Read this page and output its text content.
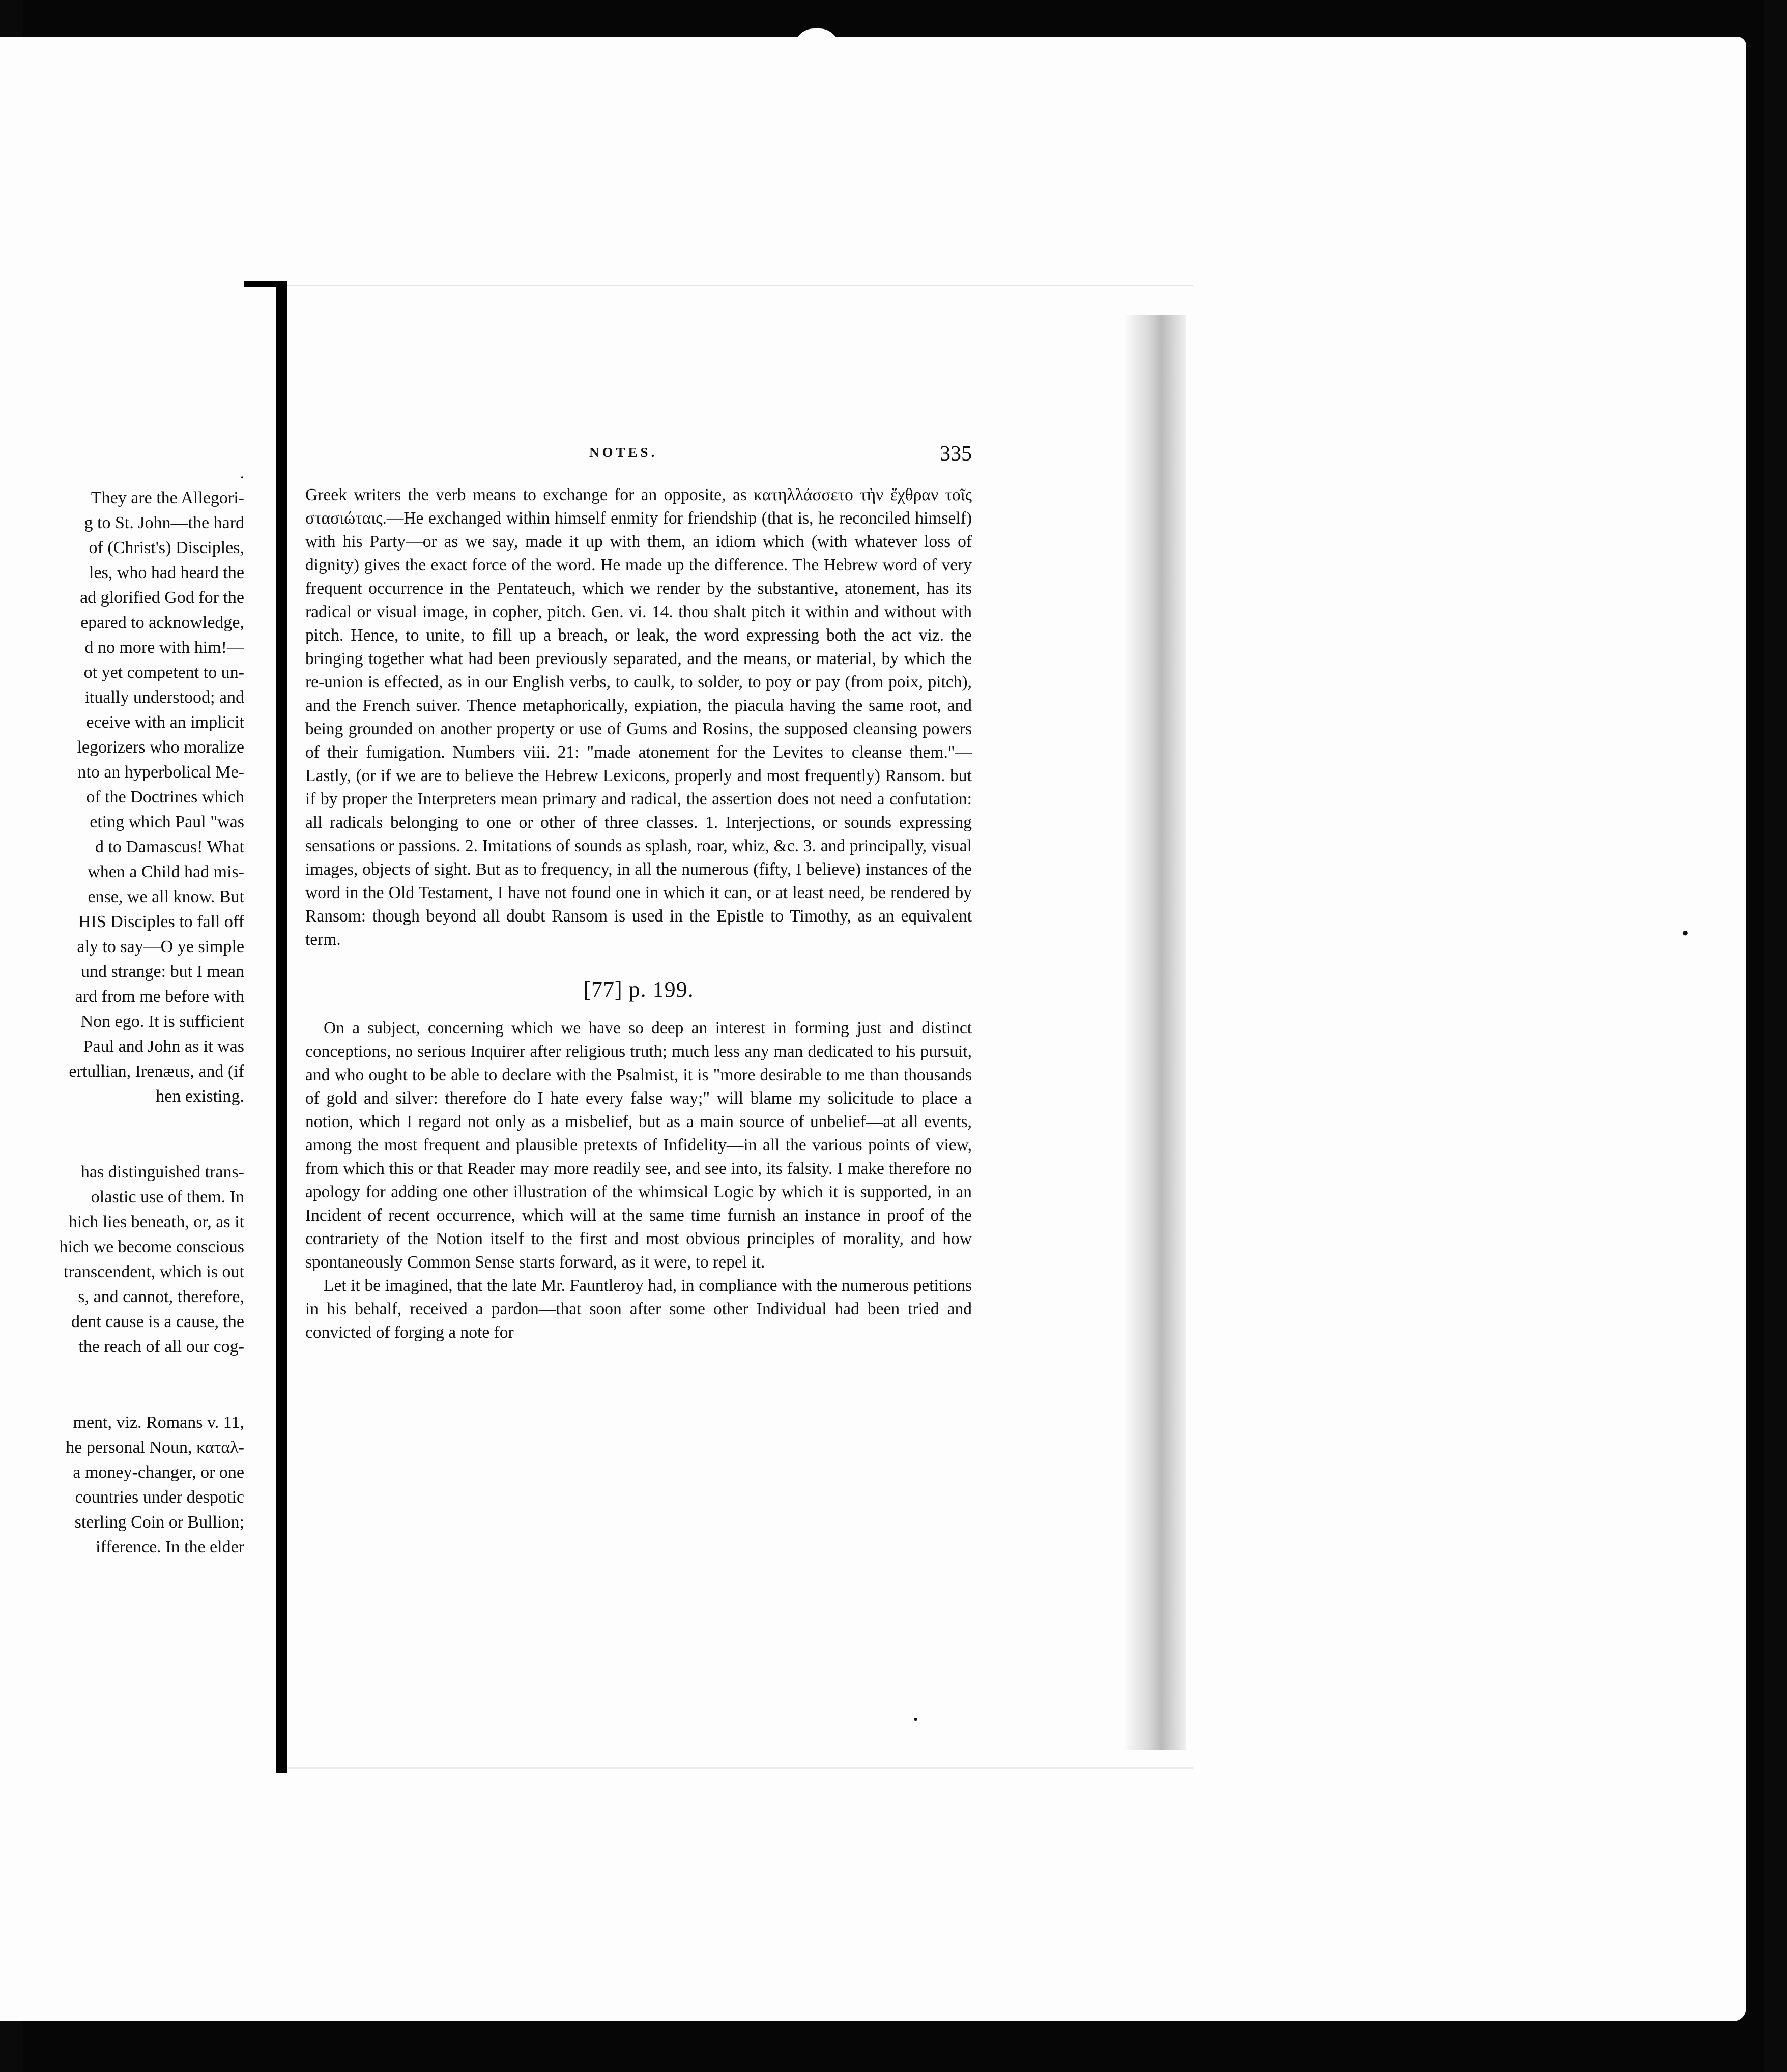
•
•
.
They are the Allegori-
g to St. John—the hard
of (Christ's) Disciples,
les, who had heard the
ad glorified God for the
epared to acknowledge,
d no more with him!—
ot yet competent to un-
itually understood; and
eceive with an implicit
legorizers who moralize
nto an hyperbolical Me-
of the Doctrines which
eting which Paul "was
d to Damascus! What
when a Child had mis-
ense, we all know. But
HIS Disciples to fall off
aly to say—O ye simple
und strange: but I mean
ard from me before with
Non ego. It is sufficient
Paul and John as it was
ertullian, Irenæus, and (if
hen existing.
has distinguished trans-
olastic use of them. In
hich lies beneath, or, as it
hich we become conscious
transcendent, which is out
s, and cannot, therefore,
dent cause is a cause, the
the reach of all our cog-
ment, viz. Romans v. 11,
he personal Noun, καταλ-
a money-changer, or one
countries under despotic
sterling Coin or Bullion;
ifference. In the elder
NOTES.	335

Greek writers the verb means to exchange for an opposite, as κατηλλάσσετο τὴν ἔχθραν τοῖς στασιώταις.—He exchanged within himself enmity for friendship (that is, he reconciled himself) with his Party—or as we say, made it up with them, an idiom which (with whatever loss of dignity) gives the exact force of the word. He made up the difference. The Hebrew word of very frequent occurrence in the Pentateuch, which we render by the substantive, atonement, has its radical or visual image, in copher, pitch. Gen. vi. 14. thou shalt pitch it within and without with pitch. Hence, to unite, to fill up a breach, or leak, the word expressing both the act viz. the bringing together what had been previously separated, and the means, or material, by which the re-union is effected, as in our English verbs, to caulk, to solder, to poy or pay (from poix, pitch), and the French suiver. Thence metaphorically, expiation, the piacula having the same root, and being grounded on another property or use of Gums and Rosins, the supposed cleansing powers of their fumigation. Numbers viii. 21: "made atonement for the Levites to cleanse them."—Lastly, (or if we are to believe the Hebrew Lexicons, properly and most frequently) Ransom. but if by proper the Interpreters mean primary and radical, the assertion does not need a confutation: all radicals belonging to one or other of three classes. 1. Interjections, or sounds expressing sensations or passions. 2. Imitations of sounds as splash, roar, whiz, &c. 3. and principally, visual images, objects of sight. But as to frequency, in all the numerous (fifty, I believe) instances of the word in the Old Testament, I have not found one in which it can, or at least need, be rendered by Ransom: though beyond all doubt Ransom is used in the Epistle to Timothy, as an equivalent term.

[77] p. 199.

On a subject, concerning which we have so deep an interest in forming just and distinct conceptions, no serious Inquirer after religious truth; much less any man dedicated to his pursuit, and who ought to be able to declare with the Psalmist, it is "more desirable to me than thousands of gold and silver: therefore do I hate every false way;" will blame my solicitude to place a notion, which I regard not only as a misbelief, but as a main source of unbelief—at all events, among the most frequent and plausible pretexts of Infidelity—in all the various points of view, from which this or that Reader may more readily see, and see into, its falsity. I make therefore no apology for adding one other illustration of the whimsical Logic by which it is supported, in an Incident of recent occurrence, which will at the same time furnish an instance in proof of the contrariety of the Notion itself to the first and most obvious principles of morality, and how spontaneously Common Sense starts forward, as it were, to repel it.

Let it be imagined, that the late Mr. Fauntleroy had, in compliance with the numerous petitions in his behalf, received a pardon—that soon after some other Individual had been tried and convicted of forging a note for
